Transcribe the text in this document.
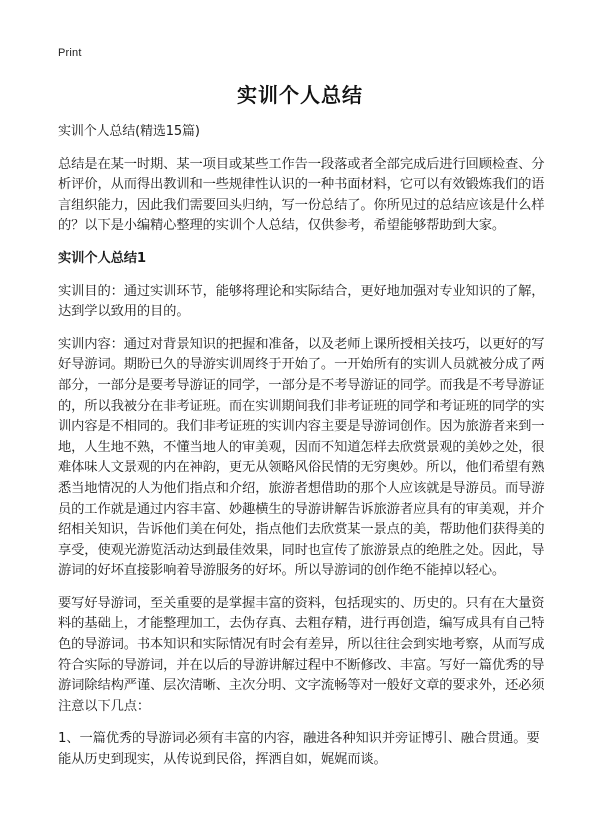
Print
实训个人总结

实训个人总结(精选15篇)

总结是在某一时期、某一项目或某些工作告一段落或者全部完成后进行回顾检查、分析评价，从而得出教训和一些规律性认识的一种书面材料，它可以有效锻炼我们的语言组织能力，因此我们需要回头归纳，写一份总结了。你所见过的总结应该是什么样的？以下是小编精心整理的实训个人总结，仅供参考，希望能够帮助到大家。

实训个人总结1

实训目的：通过实训环节，能够将理论和实际结合，更好地加强对专业知识的了解，达到学以致用的目的。

实训内容：通过对背景知识的把握和准备，以及老师上课所授相关技巧，以更好的写好导游词。期盼已久的导游实训周终于开始了。一开始所有的实训人员就被分成了两部分，一部分是要考导游证的同学，一部分是不考导游证的同学。而我是不考导游证的，所以我被分在非考证班。而在实训期间我们非考证班的同学和考证班的同学的实训内容是不相同的。我们非考证班的实训内容主要是导游词创作。因为旅游者来到一地，人生地不熟，不懂当地人的审美观，因而不知道怎样去欣赏景观的美妙之处，很难体味人文景观的内在神韵，更无从领略风俗民情的无穷奥妙。所以，他们希望有熟悉当地情况的人为他们指点和介绍，旅游者想借助的那个人应该就是导游员。而导游员的工作就是通过内容丰富、妙趣横生的导游讲解告诉旅游者应具有的审美观，并介绍相关知识，告诉他们美在何处，指点他们去欣赏某一景点的美，帮助他们获得美的享受，使观光游览活动达到最佳效果，同时也宣传了旅游景点的绝胜之处。因此，导游词的好坏直接影响着导游服务的好坏。所以导游词的创作绝不能掉以轻心。

要写好导游词，至关重要的是掌握丰富的资料，包括现实的、历史的。只有在大量资料的基础上，才能整理加工，去伪存真、去粗存精，进行再创造，编写成具有自己特色的导游词。书本知识和实际情况有时会有差异，所以往往会到实地考察，从而写成符合实际的导游词，并在以后的导游讲解过程中不断修改、丰富。写好一篇优秀的导游词除结构严谨、层次清晰、主次分明、文字流畅等对一般好文章的要求外，还必须注意以下几点：

1、一篇优秀的导游词必须有丰富的内容，融进各种知识并旁证博引、融合贯通。要能从历史到现实，从传说到民俗，挥洒自如，娓娓而谈。
